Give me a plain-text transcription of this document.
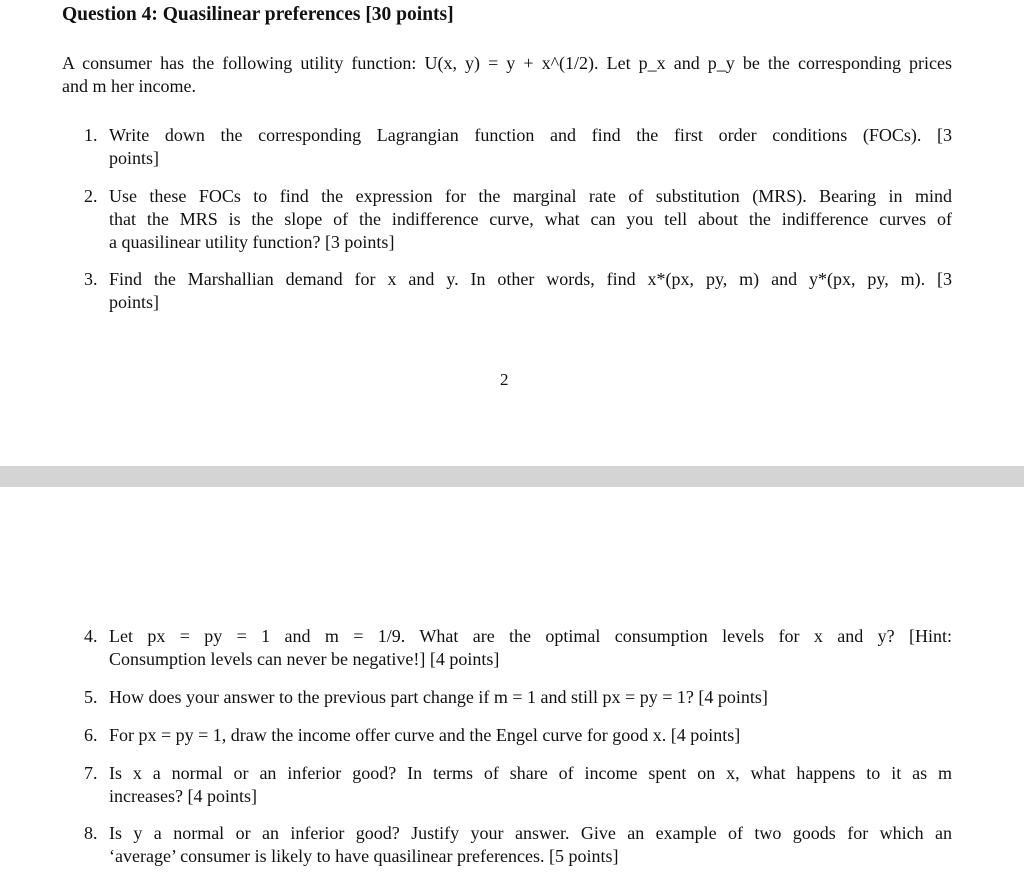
Question 4: Quasilinear preferences [30 points]
A consumer has the following utility function: U(x, y) = y + x^(1/2). Let p_x and p_y be the corresponding prices
and m her income.
1. Write down the corresponding Lagrangian function and find the first order conditions (FOCs). [3
points]
2. Use these FOCs to find the expression for the marginal rate of substitution (MRS). Bearing in mind
that the MRS is the slope of the indifference curve, what can you tell about the indifference curves of
a quasilinear utility function? [3 points]
3. Find the Marshallian demand for x and y. In other words, find x*(px, py, m) and y*(px, py, m). [3
points]
2
4. Let px = py = 1 and m = 1/9. What are the optimal consumption levels for x and y? [Hint:
Consumption levels can never be negative!] [4 points]
5. How does your answer to the previous part change if m = 1 and still px = py = 1? [4 points]
6. For px = py = 1, draw the income offer curve and the Engel curve for good x. [4 points]
7. Is x a normal or an inferior good? In terms of share of income spent on x, what happens to it as m
increases? [4 points]
8. Is y a normal or an inferior good? Justify your answer. Give an example of two goods for which an
‘average’ consumer is likely to have quasilinear preferences. [5 points]
